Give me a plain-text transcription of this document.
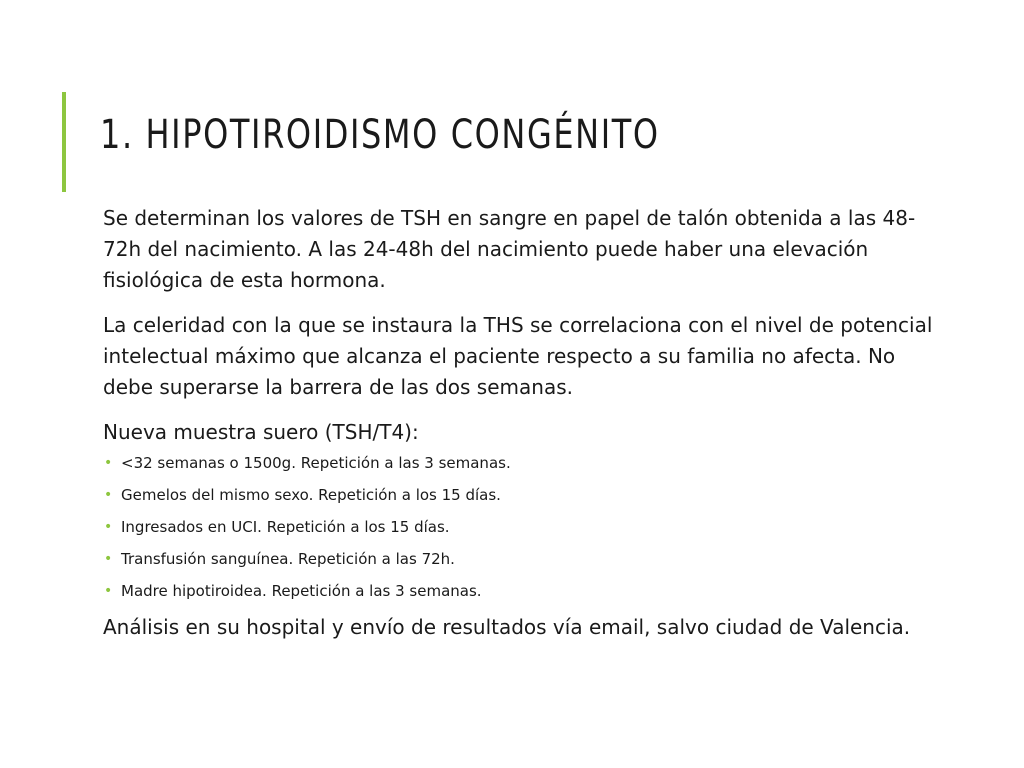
1. HIPOTIROIDISMO CONGÉNITO

Se determinan los valores de TSH en sangre en papel de talón obtenida a las 48-72h del nacimiento. A las 24-48h del nacimiento puede haber una elevación fisiológica de esta hormona.

La celeridad con la que se instaura la THS se correlaciona con el nivel de potencial intelectual máximo que alcanza el paciente respecto a su familia no afecta. No debe superarse la barrera de las dos semanas.

Nueva muestra suero (TSH/T4):

• <32 semanas o 1500g. Repetición a las 3 semanas.
• Gemelos del mismo sexo. Repetición a los 15 días.
• Ingresados en UCI. Repetición a los 15 días.
• Transfusión sanguínea. Repetición a las 72h.
• Madre hipotiroidea. Repetición a las 3 semanas.

Análisis en su hospital y envío de resultados vía email, salvo ciudad de Valencia.
